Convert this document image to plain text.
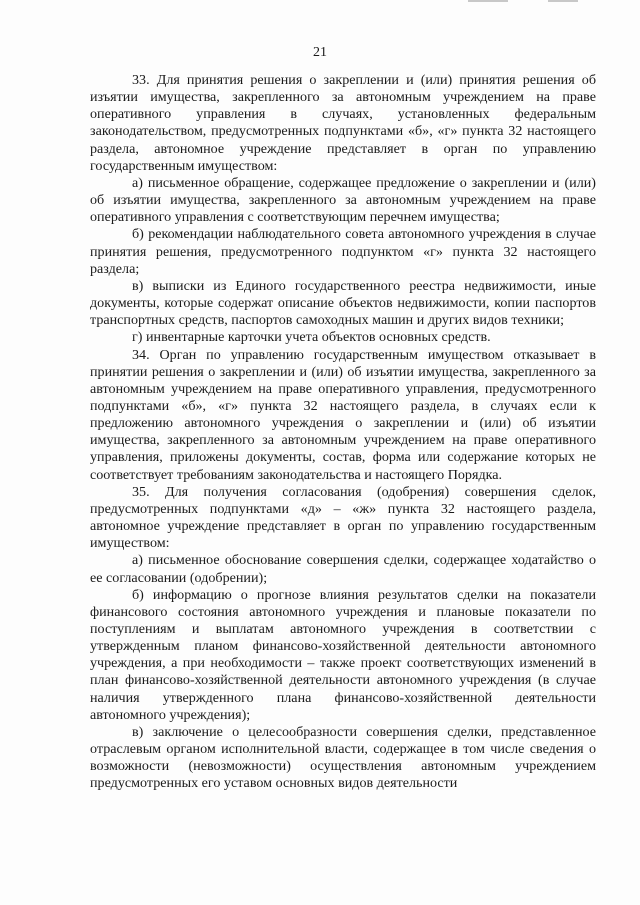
21

33. Для принятия решения о закреплении и (или) принятия решения об изъятии имущества, закрепленного за автономным учреждением на праве оперативного управления в случаях, установленных федеральным законодательством, предусмотренных подпунктами «б», «г» пункта 32 настоящего раздела, автономное учреждение представляет в орган по управлению государственным имуществом:

а) письменное обращение, содержащее предложение о закреплении и (или) об изъятии имущества, закрепленного за автономным учреждением на праве оперативного управления с соответствующим перечнем имущества;

б) рекомендации наблюдательного совета автономного учреждения в случае принятия решения, предусмотренного подпунктом «г» пункта 32 настоящего раздела;

в) выписки из Единого государственного реестра недвижимости, иные документы, которые содержат описание объектов недвижимости, копии паспортов транспортных средств, паспортов самоходных машин и других видов техники;

г) инвентарные карточки учета объектов основных средств.

34. Орган по управлению государственным имуществом отказывает в принятии решения о закреплении и (или) об изъятии имущества, закрепленного за автономным учреждением на праве оперативного управления, предусмотренного подпунктами «б», «г» пункта 32 настоящего раздела, в случаях если к предложению автономного учреждения о закреплении и (или) об изъятии имущества, закрепленного за автономным учреждением на праве оперативного управления, приложены документы, состав, форма или содержание которых не соответствует требованиям законодательства и настоящего Порядка.

35. Для получения согласования (одобрения) совершения сделок, предусмотренных подпунктами «д» – «ж» пункта 32 настоящего раздела, автономное учреждение представляет в орган по управлению государственным имуществом:

а) письменное обоснование совершения сделки, содержащее ходатайство о ее согласовании (одобрении);

б) информацию о прогнозе влияния результатов сделки на показатели финансового состояния автономного учреждения и плановые показатели по поступлениям и выплатам автономного учреждения в соответствии с утвержденным планом финансово-хозяйственной деятельности автономного учреждения, а при необходимости – также проект соответствующих изменений в план финансово-хозяйственной деятельности автономного учреждения (в случае наличия утвержденного плана финансово-хозяйственной деятельности автономного учреждения);

в) заключение о целесообразности совершения сделки, представленное отраслевым органом исполнительной власти, содержащее в том числе сведения о возможности (невозможности) осуществления автономным учреждением предусмотренных его уставом основных видов деятельности
